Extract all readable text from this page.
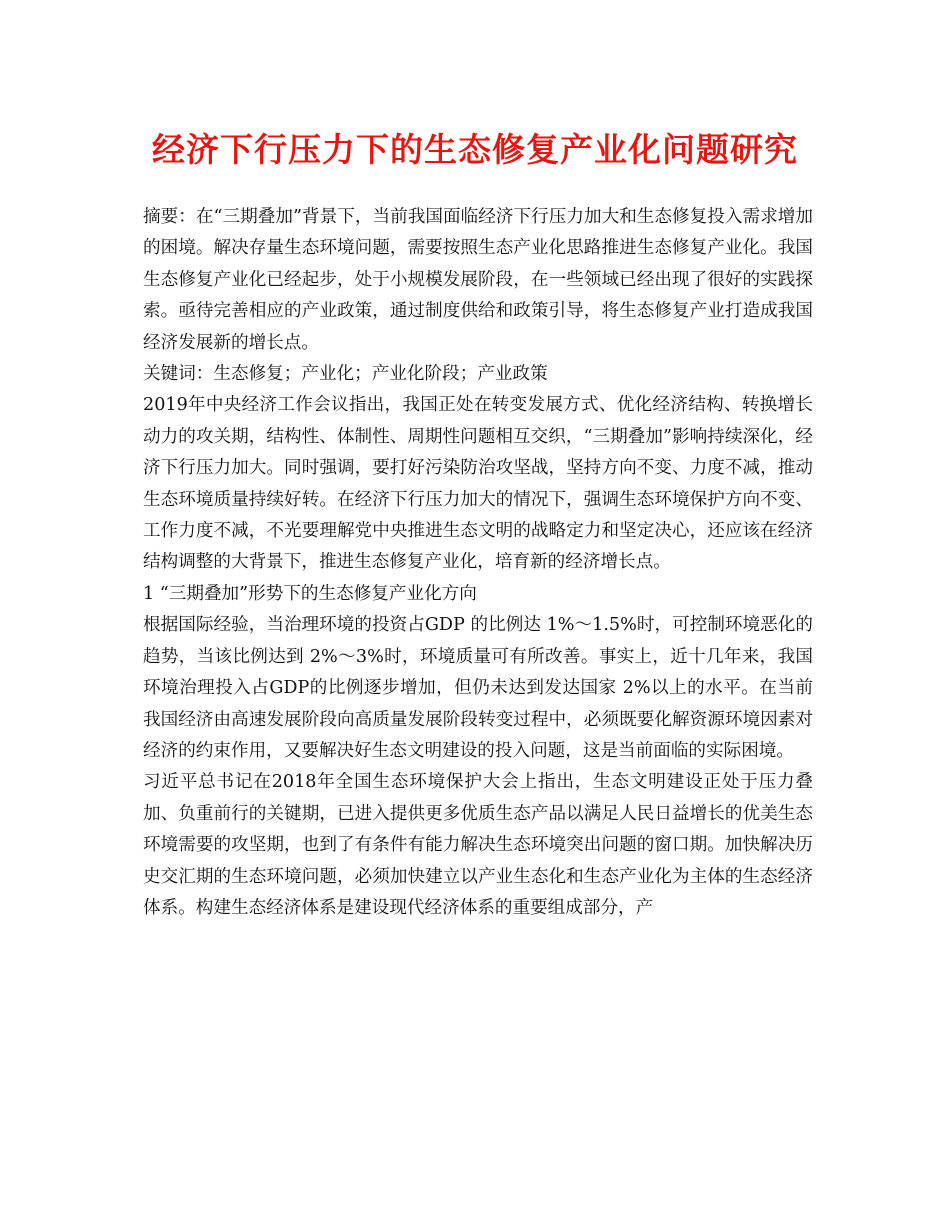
经济下行压力下的生态修复产业化问题研究

摘要：在“三期叠加”背景下，当前我国面临经济下行压力加大和生态修复投入需求增加的困境。解决存量生态环境问题，需要按照生态产业化思路推进生态修复产业化。我国生态修复产业化已经起步，处于小规模发展阶段，在一些领域已经出现了很好的实践探索。亟待完善相应的产业政策，通过制度供给和政策引导，将生态修复产业打造成我国经济发展新的增长点。

关键词：生态修复；产业化；产业化阶段；产业政策

2019年中央经济工作会议指出，我国正处在转变发展方式、优化经济结构、转换增长动力的攻关期，结构性、体制性、周期性问题相互交织，“三期叠加”影响持续深化，经济下行压力加大。同时强调，要打好污染防治攻坚战，坚持方向不变、力度不减，推动生态环境质量持续好转。在经济下行压力加大的情况下，强调生态环境保护方向不变、工作力度不减，不光要理解党中央推进生态文明的战略定力和坚定决心，还应该在经济结构调整的大背景下，推进生态修复产业化，培育新的经济增长点。

1 “三期叠加”形势下的生态修复产业化方向

根据国际经验，当治理环境的投资占GDP 的比例达 1%～1.5%时，可控制环境恶化的趋势，当该比例达到 2%～3%时，环境质量可有所改善。事实上，近十几年来，我国环境治理投入占GDP的比例逐步增加，但仍未达到发达国家 2%以上的水平。在当前我国经济由高速发展阶段向高质量发展阶段转变过程中，必须既要化解资源环境因素对经济的约束作用，又要解决好生态文明建设的投入问题，这是当前面临的实际困境。

习近平总书记在2018年全国生态环境保护大会上指出，生态文明建设正处于压力叠加、负重前行的关键期，已进入提供更多优质生态产品以满足人民日益增长的优美生态环境需要的攻坚期，也到了有条件有能力解决生态环境突出问题的窗口期。加快解决历史交汇期的生态环境问题，必须加快建立以产业生态化和生态产业化为主体的生态经济体系。构建生态经济体系是建设现代经济体系的重要组成部分，产
